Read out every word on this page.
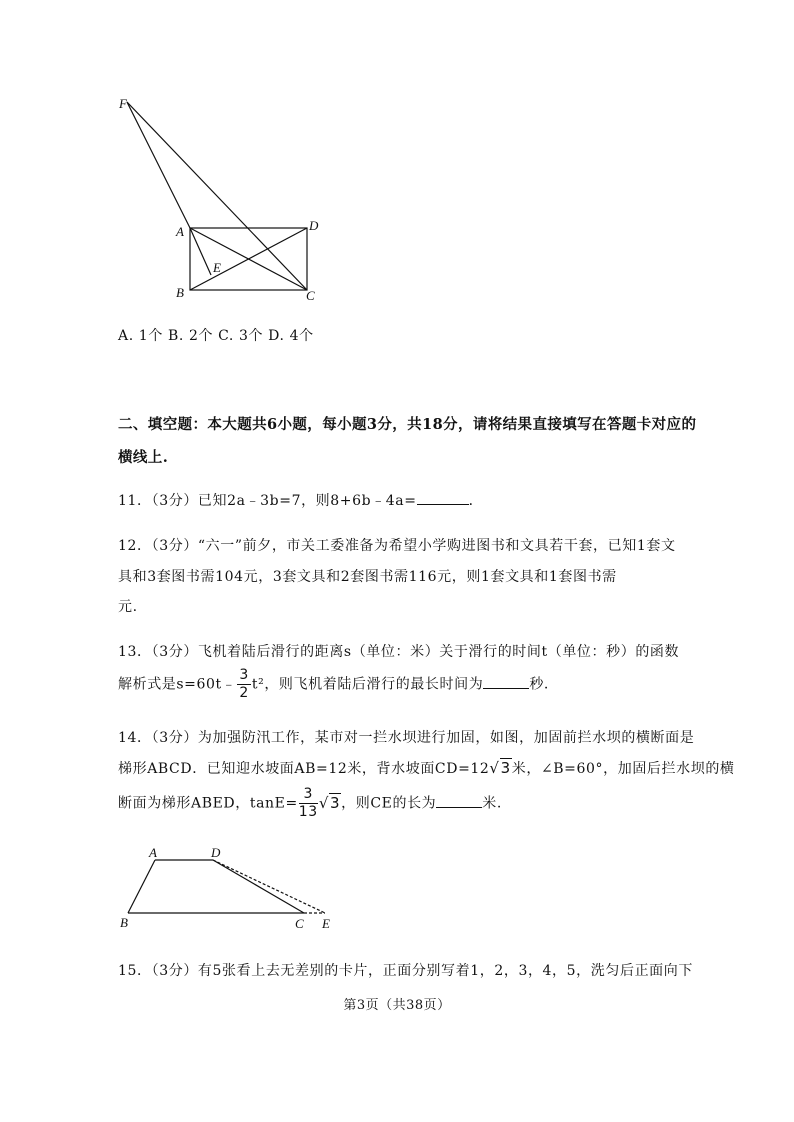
F
A	D
E
B	C
A. 1个 B. 2个 C. 3个 D. 4个
二、填空题：本大题共6小题，每小题3分，共18分，请将结果直接填写在答题卡对应的
横线上.
11．（3分）已知2a﹣3b=7，则8+6b﹣4a=	．
12．（3分）“六一”前夕，市关工委准备为希望小学购进图书和文具若干套，已知1套文
具和3套图书需104元，3套文具和2套图书需116元，则1套文具和1套图书需
元.
13．（3分）飞机着陆后滑行的距离s（单位：米）关于滑行的时间t（单位：秒）的函数
解析式是s=60t﹣ $\frac{3}{2} t^2$，则飞机着陆后滑行的最长时间为	秒.
14．（3分）为加强防汛工作，某市对一拦水坝进行加固，如图，加固前拦水坝的横断面是
梯形ABCD．已知迎水坡面AB=12米，背水坡面CD=12√3米，∠B=60°，加固后拦水坝的横
断面为梯形ABED，$\tan E= \frac{3}{13} √3$，则CE的长为	米.
A	D
B	C E
15．（3分）有5张看上去无差别的卡片，正面分别写着1，2，3，4，5，洗匀后正面向下
第3页（共38页）
